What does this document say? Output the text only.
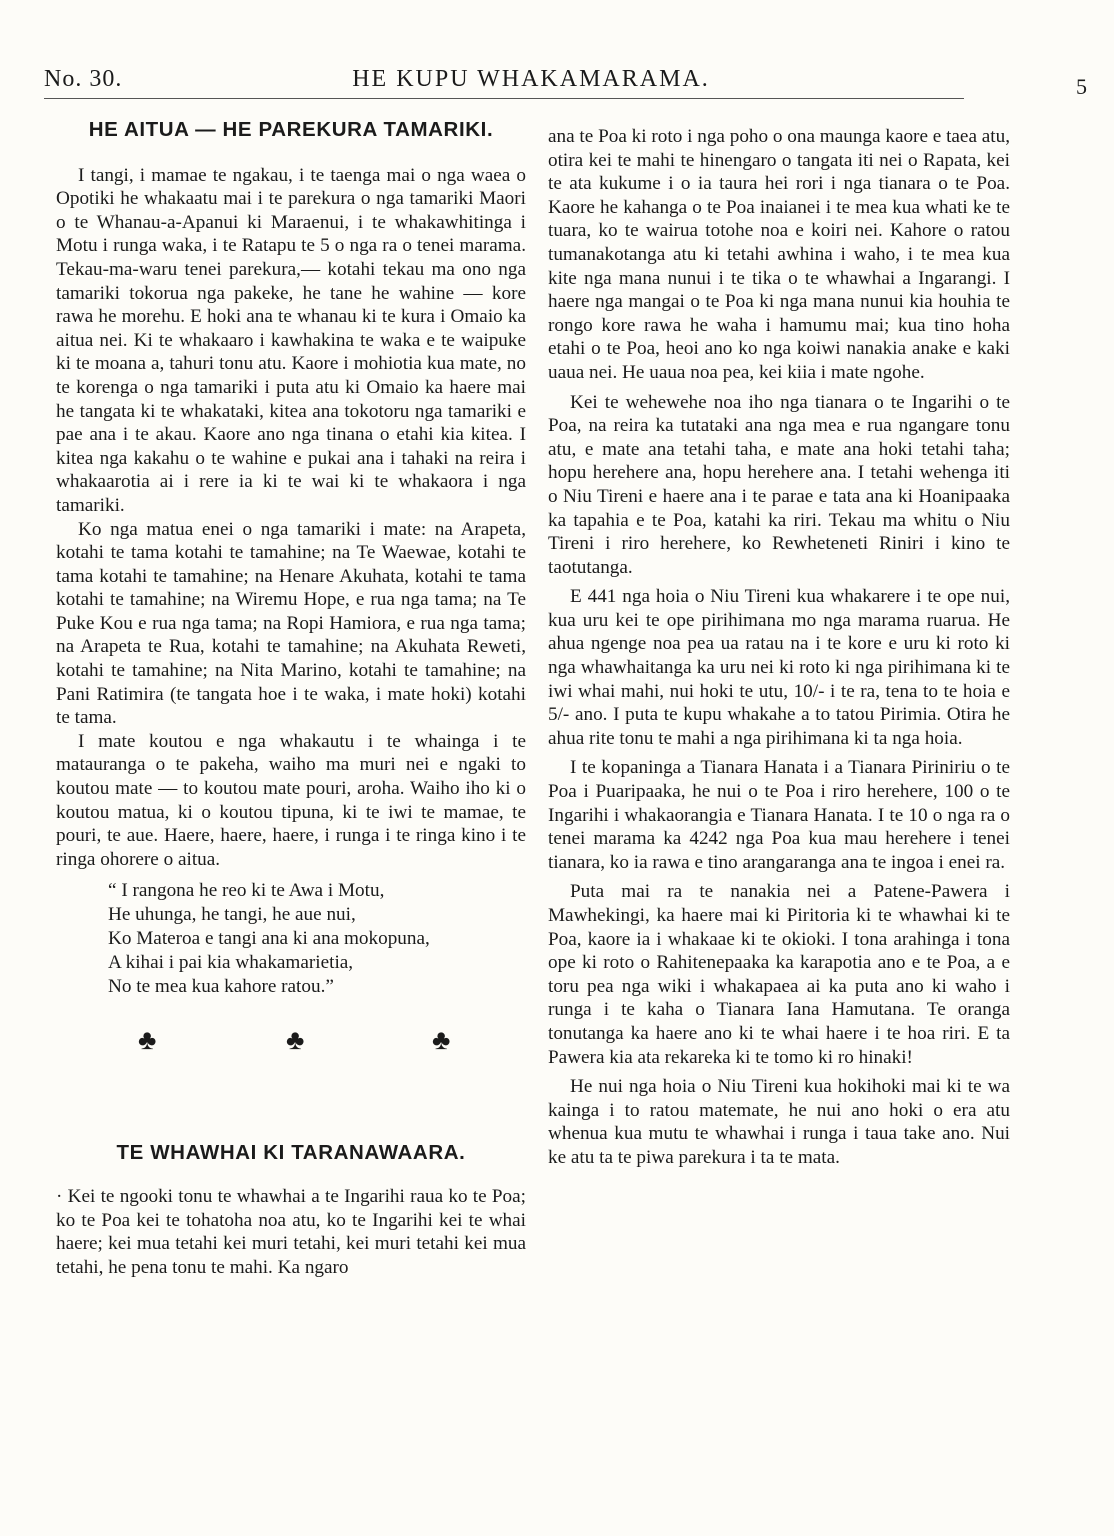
No. 30.	HE KUPU WHAKAMARAMA.	5
HE AITUA — HE PAREKURA TAMARIKI.

I tangi, i mamae te ngakau, i te taenga mai o nga waea o Opotiki he whakaatu mai i te parekura o nga tamariki Maori o te Whanau-a-Apanui ki Maraenui, i te whakawhitinga i Motu i runga waka, i te Ratapu te 5 o nga ra o tenei marama. Tekau-ma-waru tenei parekura,— kotahi tekau ma ono nga tamariki tokorua nga pakeke, he tane he wahine — kore rawa he morehu. E hoki ana te whanau ki te kura i Omaio ka aitua nei. Ki te whakaaro i kawhakina te waka e te waipuke ki te moana a, tahuri tonu atu. Kaore i mohiotia kua mate, no te korenga o nga tamariki i puta atu ki Omaio ka haere mai he tangata ki te whakataki, kitea ana tokotoru nga tamariki e pae ana i te akau. Kaore ano nga tinana o etahi kia kitea. I kitea nga kakahu o te wahine e pukai ana i tahaki na reira i whakaarotia ai i rere ia ki te wai ki te whakaora i nga tamariki.

Ko nga matua enei o nga tamariki i mate: na Arapeta, kotahi te tama kotahi te tamahine; na Te Waewae, kotahi te tama kotahi te tamahine; na Henare Akuhata, kotahi te tama kotahi te tamahine; na Wiremu Hope, e rua nga tama; na Te Puke Kou e rua nga tama; na Ropi Hamiora, e rua nga tama; na Arapeta te Rua, kotahi te tamahine; na Akuhata Reweti, kotahi te tamahine; na Nita Marino, kotahi te tamahine; na Pani Ratimira (te tangata hoe i te waka, i mate hoki) kotahi te tama.

I mate koutou e nga whakautu i te whainga i te matauranga o te pakeha, waiho ma muri nei e ngaki to koutou mate — to koutou mate pouri, aroha. Waiho iho ki o koutou matua, ki o koutou tipuna, ki te iwi te mamae, te pouri, te aue. Haere, haere, haere, i runga i te ringa kino i te ringa ohorere o aitua.

“ I rangona he reo ki te Awa i Motu,
He uhunga, he tangi, he aue nui,
Ko Materoa e tangi ana ki ana mokopuna,
A kihai i pai kia whakamarietia,
No te mea kua kahore ratou.”
♣	♣	♣
TE WHAWHAI KI TARANAWAARA.

· Kei te ngooki tonu te whawhai a te Ingarihi raua ko te Poa; ko te Poa kei te tohatoha noa atu, ko te Ingarihi kei te whai haere; kei mua tetahi kei muri tetahi, kei muri tetahi kei mua tetahi, he pena tonu te mahi. Ka ngaro

ana te Poa ki roto i nga poho o ona maunga kaore e taea atu, otira kei te mahi te hinengaro o tangata iti nei o Rapata, kei te ata kukume i o ia taura hei rori i nga tianara o te Poa. Kaore he kahanga o te Poa inaianei i te mea kua whati ke te tuara, ko te wairua totohe noa e koiri nei. Kahore o ratou tumanakotanga atu ki tetahi awhina i waho, i te mea kua kite nga mana nunui i te tika o te whawhai a Ingarangi. I haere nga mangai o te Poa ki nga mana nunui kia houhia te rongo kore rawa he waha i hamumu mai; kua tino hoha etahi o te Poa, heoi ano ko nga koiwi nanakia anake e kaki uaua nei. He uaua noa pea, kei kiia i mate ngohe.

Kei te wehewehe noa iho nga tianara o te Ingarihi o te Poa, na reira ka tutataki ana nga mea e rua ngangare tonu atu, e mate ana tetahi taha, e mate ana hoki tetahi taha; hopu herehere ana, hopu herehere ana. I tetahi wehenga iti o Niu Tireni e haere ana i te parae e tata ana ki Hoanipaaka ka tapahia e te Poa, katahi ka riri. Tekau ma whitu o Niu Tireni i riro herehere, ko Rewheteneti Riniri i kino te taotutanga.

E 441 nga hoia o Niu Tireni kua whakarere i te ope nui, kua uru kei te ope pirihimana mo nga marama ruarua. He ahua ngenge noa pea ua ratau na i te kore e uru ki roto ki nga whawhaitanga ka uru nei ki roto ki nga pirihimana ki te iwi whai mahi, nui hoki te utu, 10/- i te ra, tena to te hoia e 5/- ano. I puta te kupu whakahe a to tatou Pirimia. Otira he ahua rite tonu te mahi a nga pirihimana ki ta nga hoia.

I te kopaninga a Tianara Hanata i a Tianara Piriniriu o te Poa i Puaripaaka, he nui o te Poa i riro herehere, 100 o te Ingarihi i whakaorangia e Tianara Hanata. I te 10 o nga ra o tenei marama ka 4242 nga Poa kua mau herehere i tenei tianara, ko ia rawa e tino arangaranga ana te ingoa i enei ra.

Puta mai ra te nanakia nei a Patene-Pawera i Mawhekingi, ka haere mai ki Piritoria ki te whawhai ki te Poa, kaore ia i whakaae ki te okioki. I tona arahinga i tona ope ki roto o Rahitenepaaka ka karapotia ano e te Poa, a e toru pea nga wiki i whakapaea ai ka puta ano ki waho i runga i te kaha o Tianara Iana Hamutana. Te oranga tonutanga ka haere ano ki te whai haere i te hoa riri. E ta Pawera kia ata rekareka ki te tomo ki ro hinaki!

He nui nga hoia o Niu Tireni kua hokihoki mai ki te wa kainga i to ratou matemate, he nui ano hoki o era atu whenua kua mutu te whawhai i runga i taua take ano. Nui ke atu ta te piwa parekura i ta te mata.
